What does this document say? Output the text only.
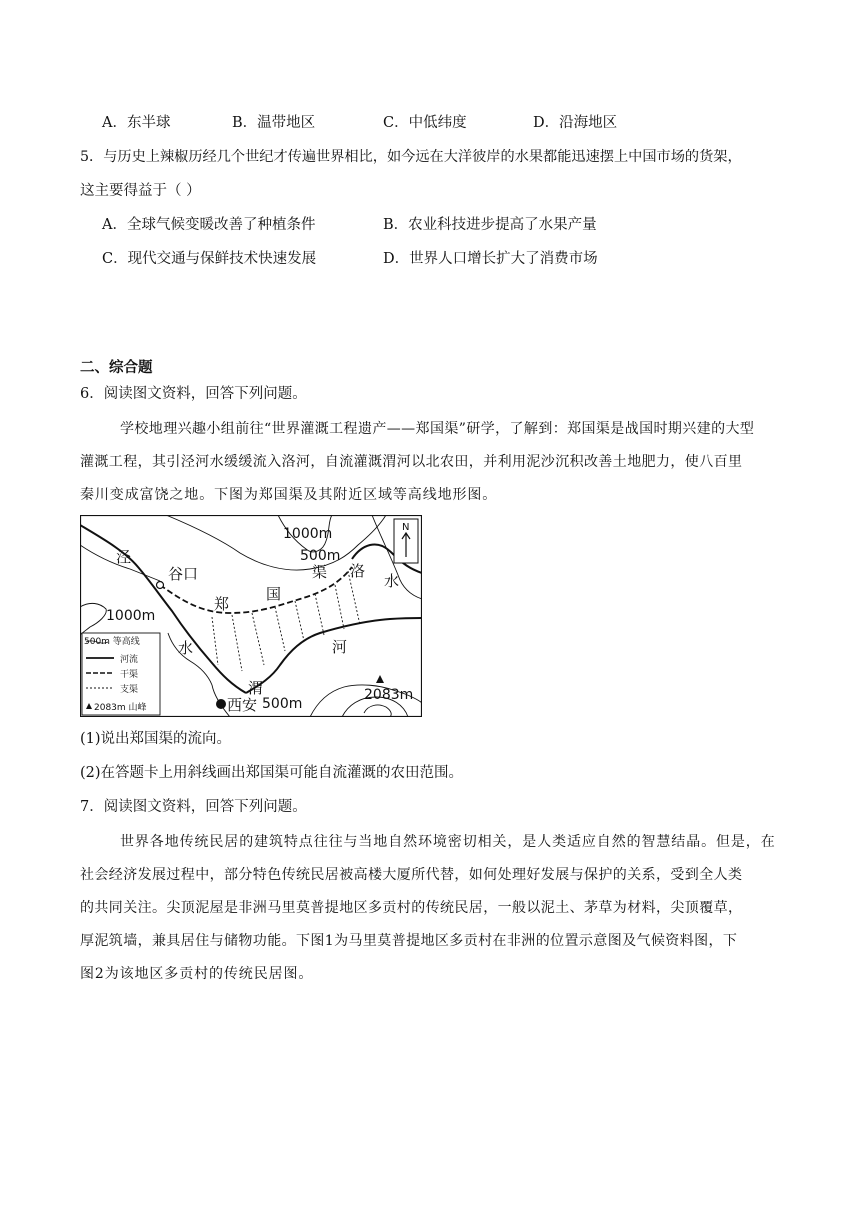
A．东半球	B．温带地区	C．中低纬度	D．沿海地区
5．与历史上辣椒历经几个世纪才传遍世界相比，如今远在大洋彼岸的水果都能迅速摆上中国市场的货架，
这主要得益于（ ）
A．全球气候变暖改善了种植条件	B．农业科技进步提高了水果产量
C．现代交通与保鲜技术快速发展	D．世界人口增长扩大了消费市场
二、综合题
6．阅读图文资料，回答下列问题。
学校地理兴趣小组前往“世界灌溉工程遗产——郑国渠”研学，了解到：郑国渠是战国时期兴建的大型
灌溉工程，其引泾河水缓缓流入洛河，自流灌溉渭河以北农田，并利用泥沙沉积改善土地肥力，使八百里
秦川变成富饶之地。下图为郑国渠及其附近区域等高线地形图。
N
泾
谷口
郑
国
渠 洛
水
水	河
渭
西安
1000m
500m
1000m
500m
2083m
500m 等高线
河流
干渠
支渠
2083m 山峰
(1)说出郑国渠的流向。
(2)在答题卡上用斜线画出郑国渠可能自流灌溉的农田范围。
7．阅读图文资料，回答下列问题。
世界各地传统民居的建筑特点往往与当地自然环境密切相关，是人类适应自然的智慧结晶。但是，在
社会经济发展过程中，部分特色传统民居被高楼大厦所代替，如何处理好发展与保护的关系，受到全人类
的共同关注。尖顶泥屋是非洲马里莫普提地区多贡村的传统民居，一般以泥土、茅草为材料，尖顶覆草，
厚泥筑墙，兼具居住与储物功能。下图1为马里莫普提地区多贡村在非洲的位置示意图及气候资料图，下
图2为该地区多贡村的传统民居图。
